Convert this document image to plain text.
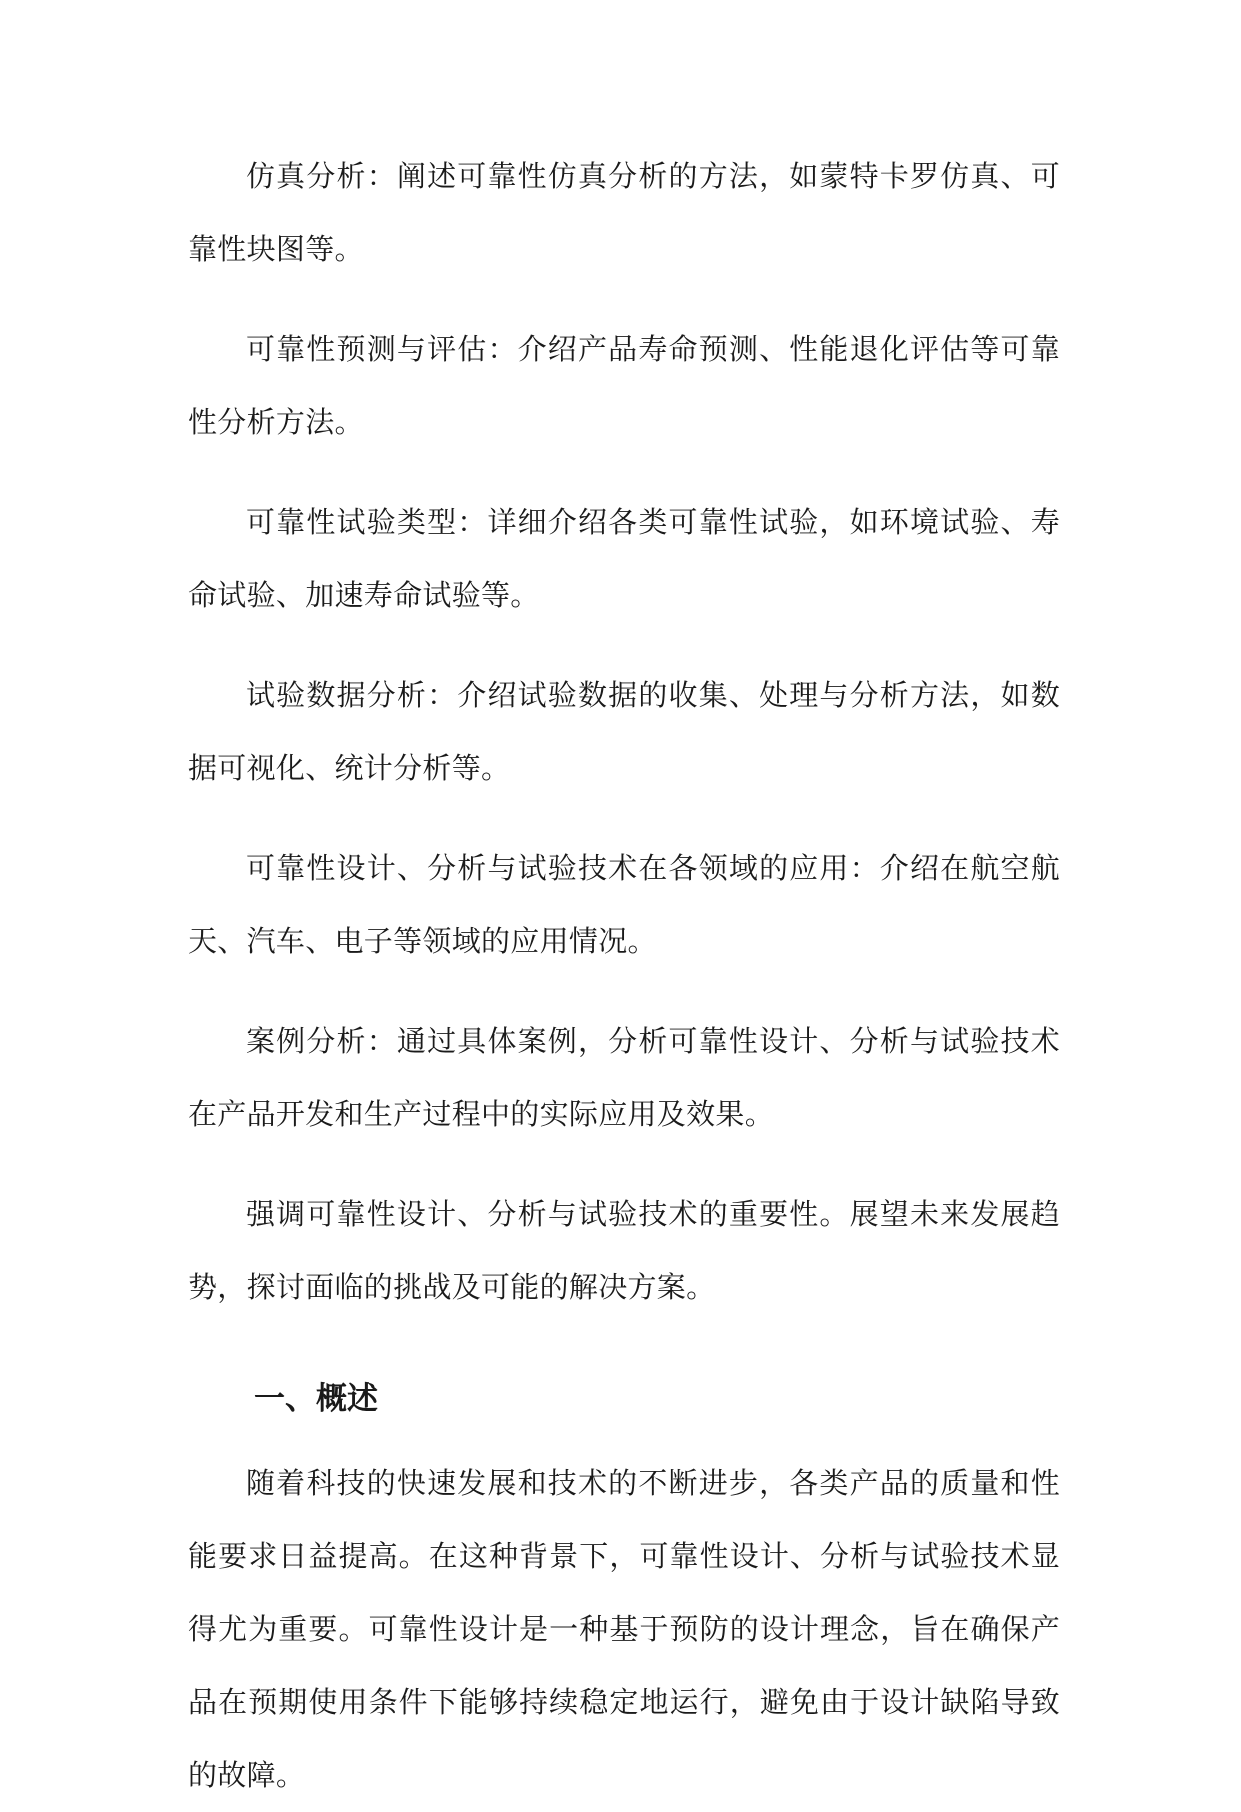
仿真分析：阐述可靠性仿真分析的方法，如蒙特卡罗仿真、可靠性块图等。

可靠性预测与评估：介绍产品寿命预测、性能退化评估等可靠性分析方法。

可靠性试验类型：详细介绍各类可靠性试验，如环境试验、寿命试验、加速寿命试验等。

试验数据分析：介绍试验数据的收集、处理与分析方法，如数据可视化、统计分析等。

可靠性设计、分析与试验技术在各领域的应用：介绍在航空航天、汽车、电子等领域的应用情况。

案例分析：通过具体案例，分析可靠性设计、分析与试验技术在产品开发和生产过程中的实际应用及效果。

强调可靠性设计、分析与试验技术的重要性。展望未来发展趋势，探讨面临的挑战及可能的解决方案。

一、概述

随着科技的快速发展和技术的不断进步，各类产品的质量和性能要求日益提高。在这种背景下，可靠性设计、分析与试验技术显得尤为重要。可靠性设计是一种基于预防的设计理念，旨在确保产品在预期使用条件下能够持续稳定地运行，避免由于设计缺陷导致的故障。
